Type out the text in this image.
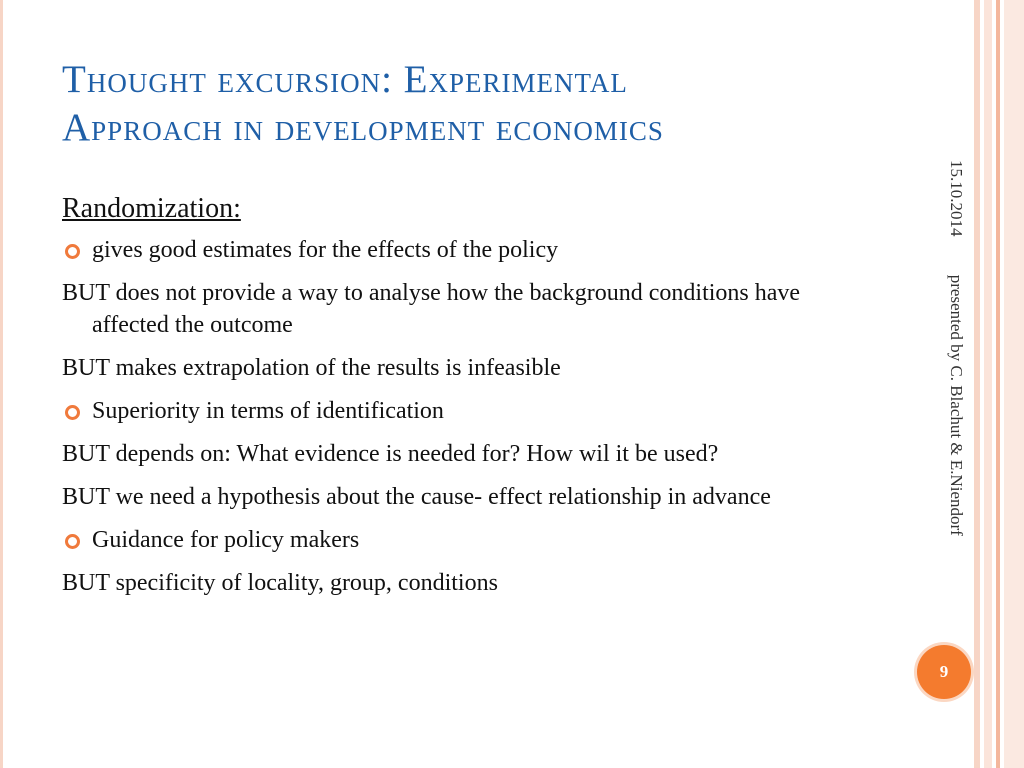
Thought excursion: Experimental
Approach in development economics
Randomization:
gives good estimates for the effects of the policy
BUT does not provide a way to analyse how the background conditions have affected the outcome
BUT makes extrapolation of the results is infeasible
Superiority in terms of identification
BUT depends on: What evidence is needed for? How wil it be used?
BUT we need a hypothesis about the cause- effect relationship in advance
Guidance for policy makers
BUT specificity of locality, group, conditions
15.10.2014 presented by C. Blachut & E.Niendorf
9
